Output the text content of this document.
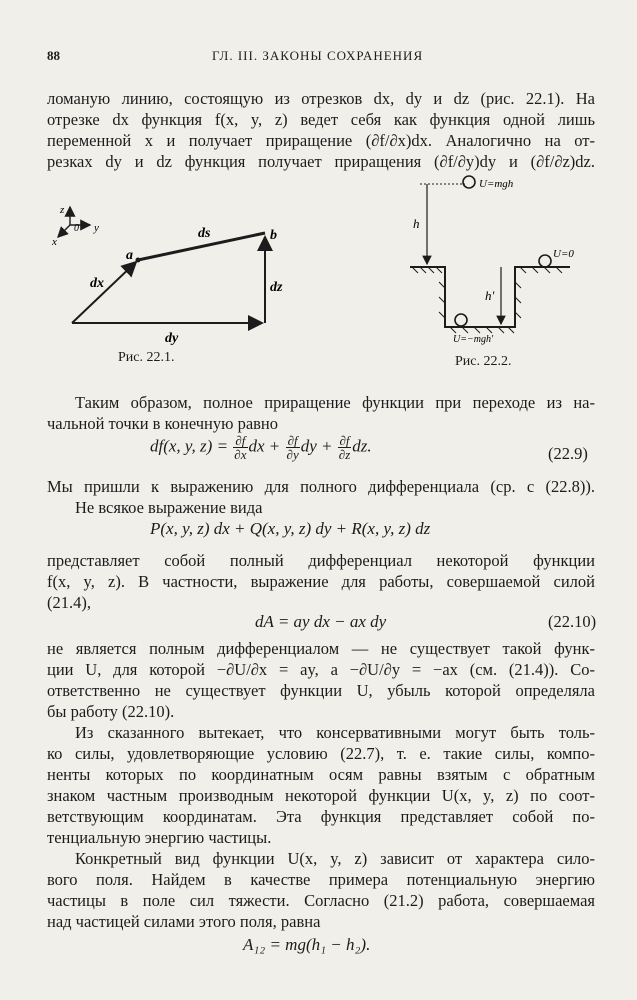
88	ГЛ. III. ЗАКОНЫ СОХРАНЕНИЯ
ломаную линию, состоящую из отрезков dx, dy и dz (рис. 22.1). На
отрезке dx функция f(x, y, z) ведет себя как функция одной лишь
переменной x и получает приращение (∂f/∂x)dx. Аналогично на от-
резках dy и dz функция получает приращения (∂f/∂y)dy и (∂f/∂z)dz.
z
y
x
0
a
b
ds
dx	dz
dy
Рис. 22.1.
U=mgh
h
U=0
h′
U=−mgh′
Рис. 22.2.
Таким образом, полное приращение функции при переходе из на-
чальной точки в конечную равно
df(x, y, $z) = \frac{\partial f}{\partial x}$ dx + $\frac{\partial f}{\partial y}$ dy + $\frac{\partial f}{\partial z}$ dz.	(22.9)
Мы пришли к выражению для полного дифференциала (ср. с (22.8)).
Не всякое выражение вида
P(x, y, z) dx + Q(x, y, z) dy + R(x, y, z) dz
представляет собой полный дифференциал некоторой функции
f(x, y, z). В частности, выражение для работы, совершаемой силой
(21.4),
dA = ay dx − ax dy	(22.10)
не является полным дифференциалом — не существует такой функ-
ции U, для которой −∂U/∂x = ay, а −∂U/∂y = −ax (см. (21.4)). Со-
ответственно не существует функции U, убыль которой определяла
бы работу (22.10).
Из сказанного вытекает, что консервативными могут быть толь-
ко силы, удовлетворяющие условию (22.7), т. е. такие силы, компо-
ненты которых по координатным осям равны взятым с обратным
знаком частным производным некоторой функции U(x, y, z) по соот-
ветствующим координатам. Эта функция представляет собой по-
тенциальную энергию частицы.
Конкретный вид функции U(x, y, z) зависит от характера сило-
вого поля. Найдем в качестве примера потенциальную энергию
частицы в поле сил тяжести. Согласно (21.2) работа, совершаемая
над частицей силами этого поля, равна
A₁₂ = mg(h₁ − h₂).
